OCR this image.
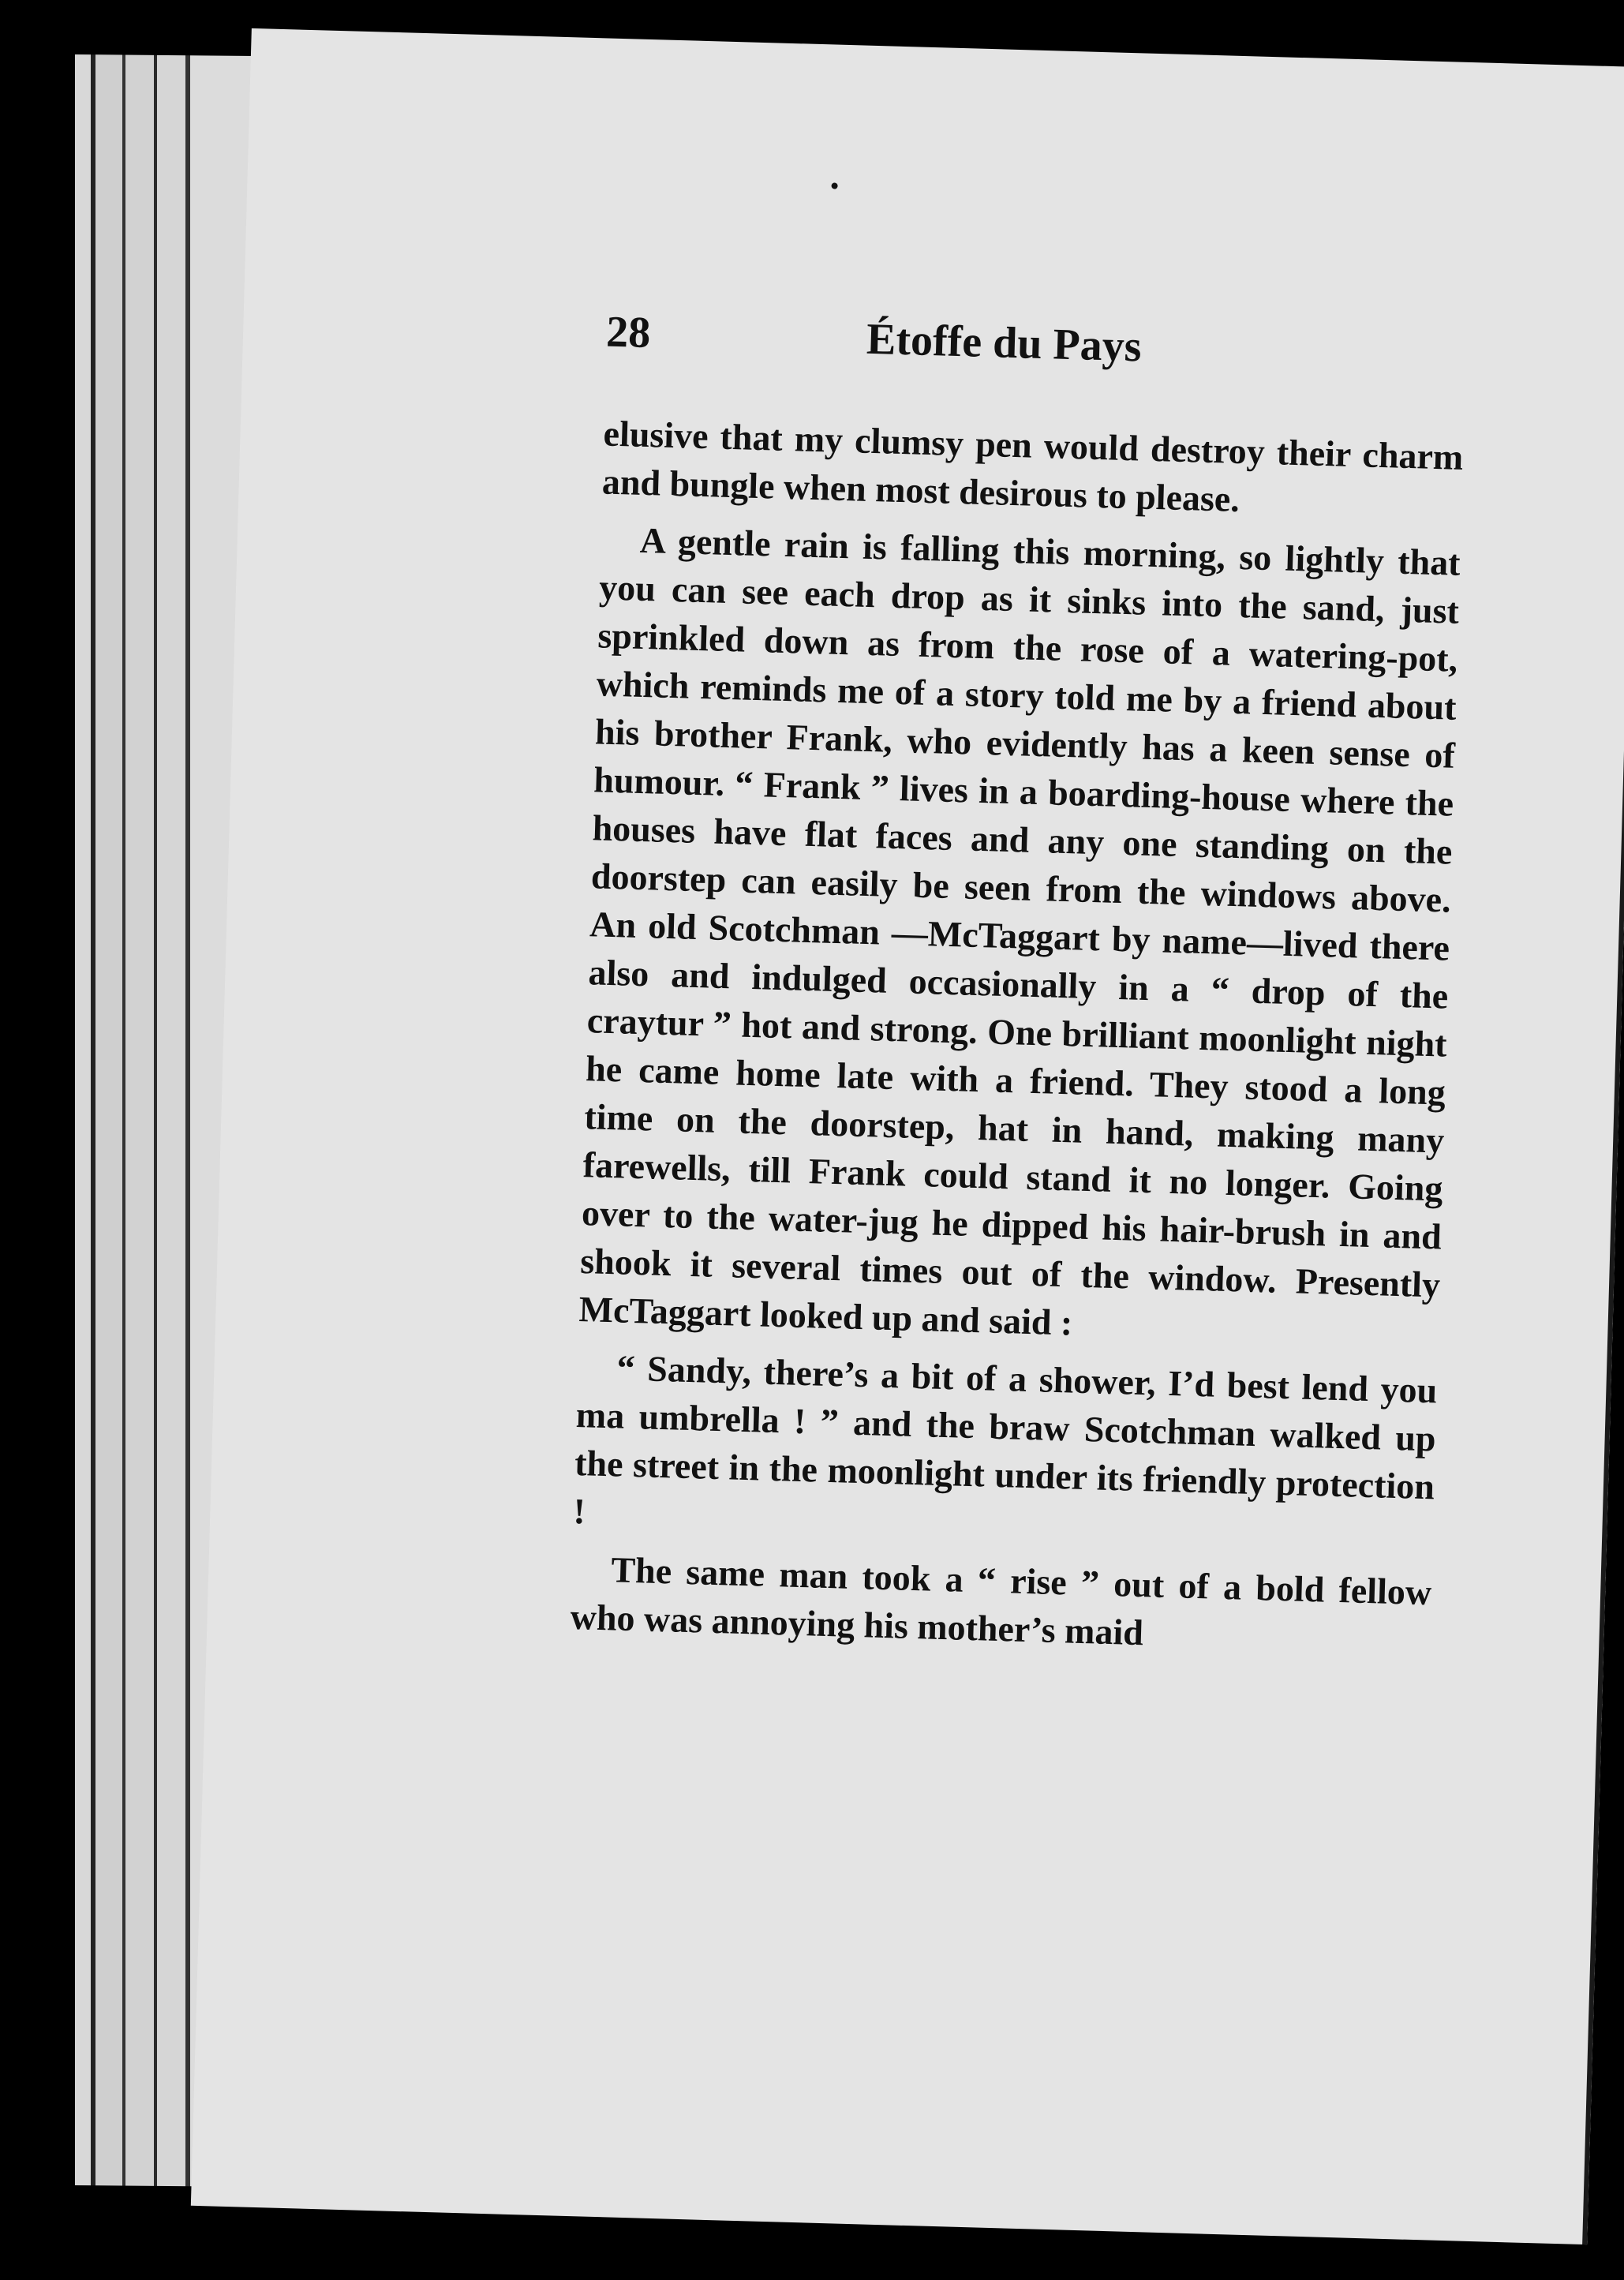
28	Étoffe du Pays

elusive that my clumsy pen would destroy their charm and bungle when most desirous to please.

A gentle rain is falling this morning, so lightly that you can see each drop as it sinks into the sand, just sprinkled down as from the rose of a watering-pot, which reminds me of a story told me by a friend about his brother Frank, who evidently has a keen sense of humour. “ Frank ” lives in a boarding-house where the houses have flat faces and any one standing on the doorstep can easily be seen from the windows above. An old Scotchman —McTaggart by name—lived there also and indulged occasionally in a “ drop of the craytur ” hot and strong. One brilliant moonlight night he came home late with a friend. They stood a long time on the doorstep, hat in hand, making many farewells, till Frank could stand it no longer. Going over to the water-jug he dipped his hair-brush in and shook it several times out of the window. Presently McTaggart looked up and said :

“ Sandy, there’s a bit of a shower, I’d best lend you ma umbrella ! ” and the braw Scotchman walked up the street in the moonlight under its friendly protection !

The same man took a “ rise ” out of a bold fellow who was annoying his mother’s maid
